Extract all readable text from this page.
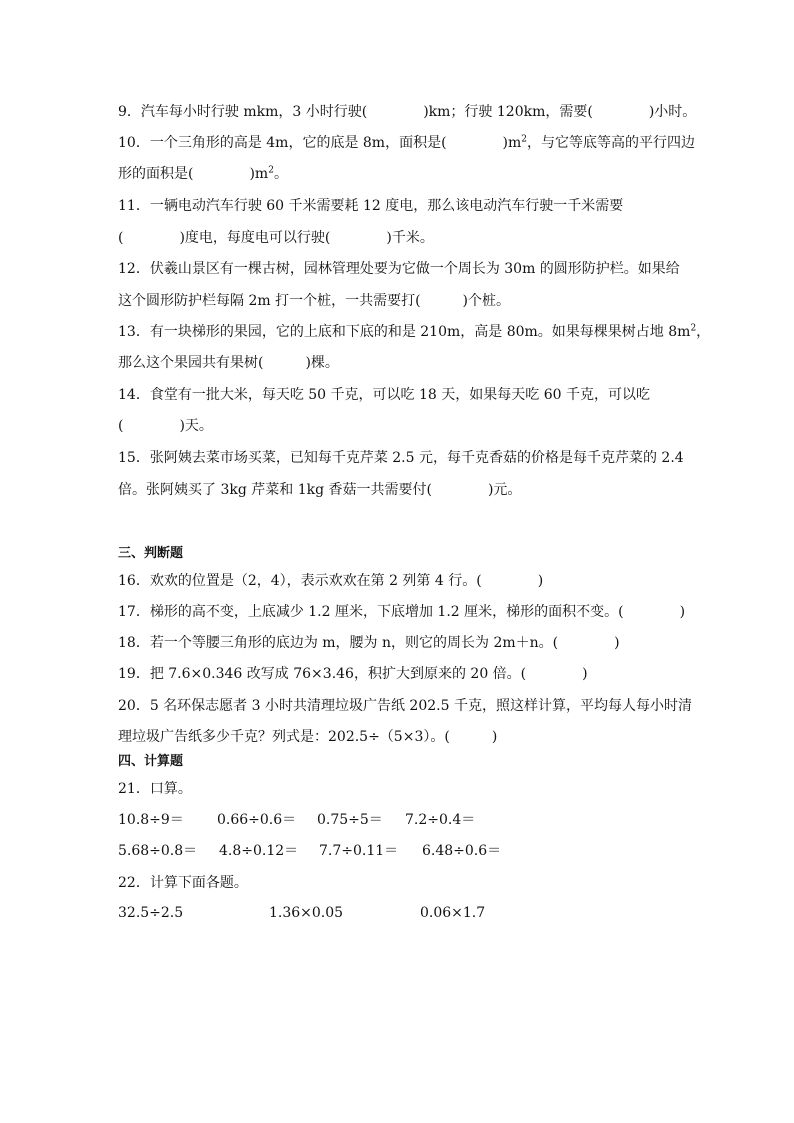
9．汽车每小时行驶 mkm，3 小时行驶(　　　　)km；行驶 120km，需要(　　　　)小时。
10．一个三角形的高是 4m，它的底是 8m，面积是(　　　　)$m^2$，与它等底等高的平行四边
形的面积是(　　　　)$m^2$。
11．一辆电动汽车行驶 60 千米需要耗 12 度电，那么该电动汽车行驶一千米需要
(　　　　)度电，每度电可以行驶(　　　　)千米。
12．伏羲山景区有一棵古树，园林管理处要为它做一个周长为 30m 的圆形防护栏。如果给
这个圆形防护栏每隔 2m 打一个桩，一共需要打(　　　)个桩。
13．有一块梯形的果园，它的上底和下底的和是 210m，高是 80m。如果每棵果树占地 $8m^2$，
那么这个果园共有果树(　　　)棵。
14．食堂有一批大米，每天吃 50 千克，可以吃 18 天，如果每天吃 60 千克，可以吃
(　　　　)天。
15．张阿姨去菜市场买菜，已知每千克芹菜 2.5 元，每千克香菇的价格是每千克芹菜的 2.4
倍。张阿姨买了 3kg 芹菜和 1kg 香菇一共需要付(　　　　)元。
三、判断题
16．欢欢的位置是（2，4），表示欢欢在第 2 列第 4 行。(　　　　)
17．梯形的高不变，上底减少 1.2 厘米，下底增加 1.2 厘米，梯形的面积不变。(　　　　)
18．若一个等腰三角形的底边为 m，腰为 n，则它的周长为 2m＋n。(　　　　)
19．把 7.6×0.346 改写成 76×3.46，积扩大到原来的 20 倍。(　　　　)
20．5 名环保志愿者 3 小时共清理垃圾广告纸 202.5 千克，照这样计算，平均每人每小时清
理垃圾广告纸多少千克？列式是：202.5÷（5×3）。(　　　)
四、计算题
21．口算。
10.8÷9＝ 0.66÷0.6＝ 0.75÷5＝ 7.2÷0.4＝
5.68÷0.8＝ 4.8÷0.12＝ 7.7÷0.11＝ 6.48÷0.6＝
22．计算下面各题。
32.5÷2.5	1.36×0.05	0.06×1.7
